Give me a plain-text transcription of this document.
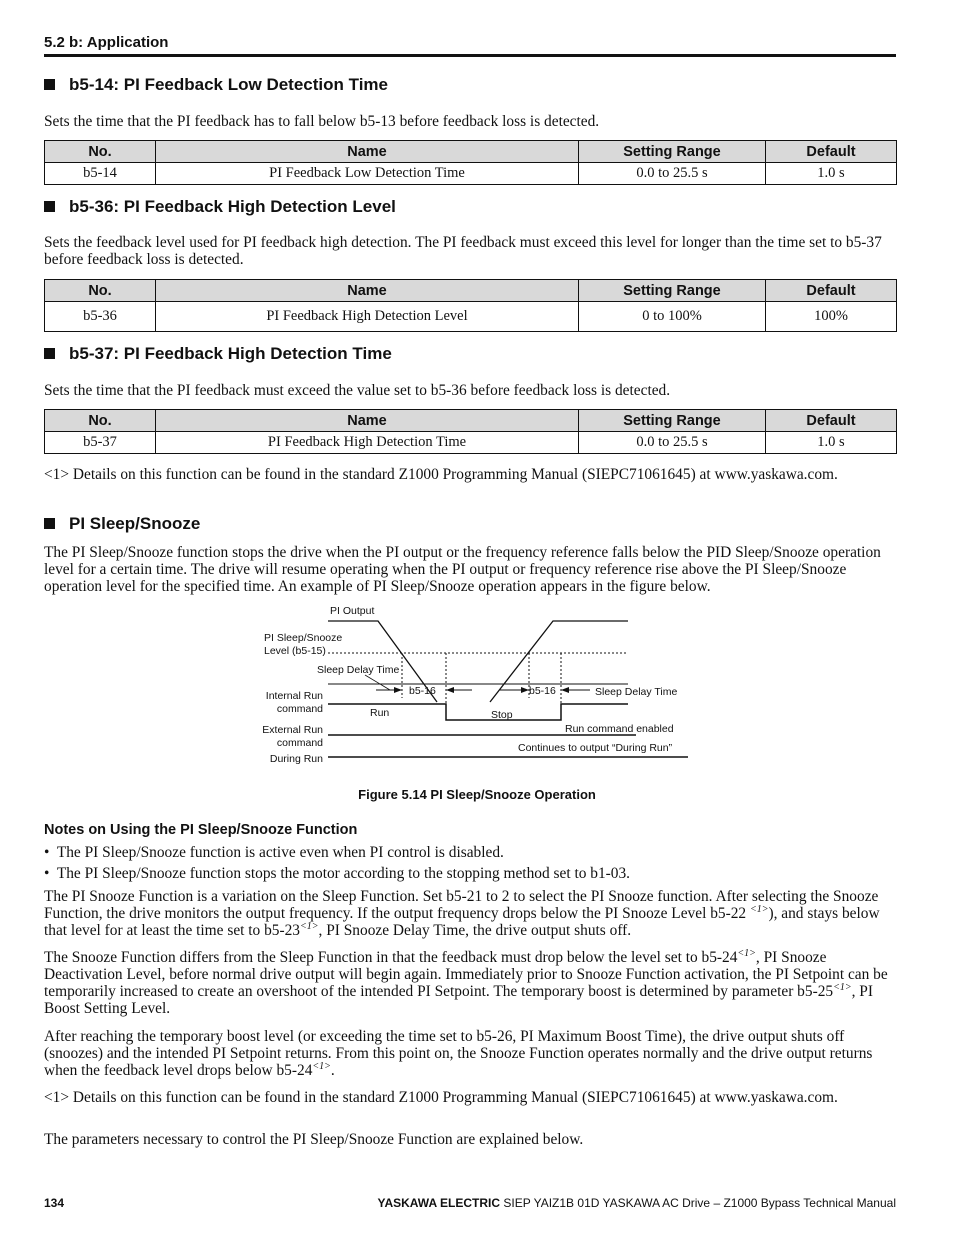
5.2 b: Application
b5-14: PI Feedback Low Detection Time
Sets the time that the PI feedback has to fall below b5-13 before feedback loss is detected.
No.	Name	Setting Range	Default
b5-14	PI Feedback Low Detection Time	0.0 to 25.5 s	1.0 s
b5-36: PI Feedback High Detection Level
Sets the feedback level used for PI feedback high detection. The PI feedback must exceed this level for longer than the time set to b5-37 before feedback loss is detected.
No.	Name	Setting Range	Default
b5-36	PI Feedback High Detection Level	0 to 100%	100%
b5-37: PI Feedback High Detection Time
Sets the time that the PI feedback must exceed the value set to b5-36 before feedback loss is detected.
No.	Name	Setting Range	Default
b5-37	PI Feedback High Detection Time	0.0 to 25.5 s	1.0 s
<1> Details on this function can be found in the standard Z1000 Programming Manual (SIEPC71061645) at www.yaskawa.com.
PI Sleep/Snooze
The PI Sleep/Snooze function stops the drive when the PI output or the frequency reference falls below the PID Sleep/Snooze operation level for a certain time. The drive will resume operating when the PI output or frequency reference rise above the PI Sleep/Snooze operation level for the specified time. An example of PI Sleep/Snooze operation appears in the figure below.
PI Output
PI Sleep/Snooze
Level (b5-15)
Sleep Delay Time
b5-16	b5-16	Sleep Delay Time
Internal Run
command	Run	Stop
External Run
command
Run command enabled
During Run
Continues to output “During Run”
Figure 5.14 PI Sleep/Snooze Operation
Notes on Using the PI Sleep/Snooze Function
•  The PI Sleep/Snooze function is active even when PI control is disabled.
•  The PI Sleep/Snooze function stops the motor according to the stopping method set to b1-03.
The PI Snooze Function is a variation on the Sleep Function. Set b5-21 to 2 to select the PI Snooze function. After selecting the Snooze Function, the drive monitors the output frequency. If the output frequency drops below the PI Snooze Level b5-22 $^{<1>}$), and stays below that level for at least the time set to $b5-23^{<1>}$, PI Snooze Delay Time, the drive output shuts off.
The Snooze Function differs from the Sleep Function in that the feedback must drop below the level set to $b5-24^{<1>}$, PI Snooze Deactivation Level, before normal drive output will begin again. Immediately prior to Snooze Function activation, the PI Setpoint can be temporarily increased to create an overshoot of the intended PI Setpoint. The temporary boost is determined by parameter $b5-25^{<1>}$, PI Boost Setting Level.
After reaching the temporary boost level (or exceeding the time set to b5-26, PI Maximum Boost Time), the drive output shuts off (snoozes) and the intended PI Setpoint returns. From this point on, the Snooze Function operates normally and the drive output returns when the feedback level drops below $b5-24^{<1>}$.
<1> Details on this function can be found in the standard Z1000 Programming Manual (SIEPC71061645) at www.yaskawa.com.
The parameters necessary to control the PI Sleep/Snooze Function are explained below.
134	YASKAWA ELECTRIC SIEP YAIZ1B 01D YASKAWA AC Drive – Z1000 Bypass Technical Manual
